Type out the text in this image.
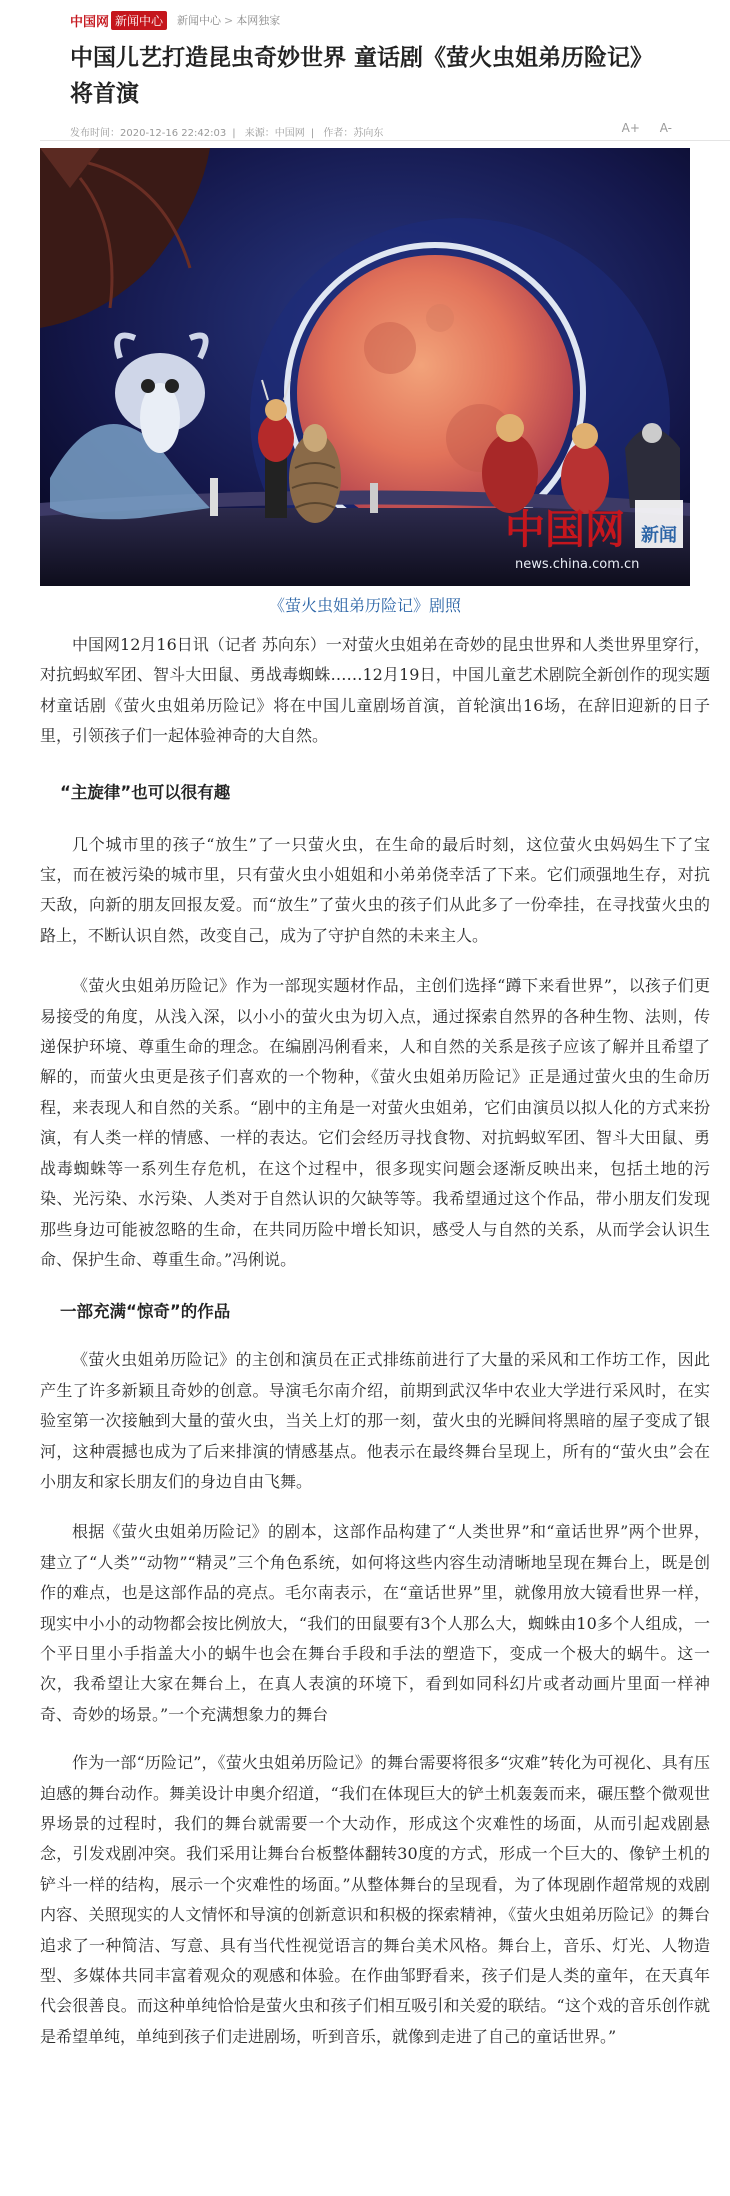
中国网 新闻中心	新闻中心 > 本网独家
中国儿艺打造昆虫奇妙世界 童话剧《萤火虫姐弟历险记》将首演
发布时间：2020-12-16 22:42:03 | 来源：中国网 | 作者：苏向东	A+ A-
中国网 新闻
news.china.com.cn
《萤火虫姐弟历险记》剧照

中国网12月16日讯（记者 苏向东）一对萤火虫姐弟在奇妙的昆虫世界和人类世界里穿行，对抗蚂蚁军团、智斗大田鼠、勇战毒蜘蛛……12月19日，中国儿童艺术剧院全新创作的现实题材童话剧《萤火虫姐弟历险记》将在中国儿童剧场首演，首轮演出16场，在辞旧迎新的日子里，引领孩子们一起体验神奇的大自然。

“主旋律”也可以很有趣

几个城市里的孩子“放生”了一只萤火虫，在生命的最后时刻，这位萤火虫妈妈生下了宝宝，而在被污染的城市里，只有萤火虫小姐姐和小弟弟侥幸活了下来。它们顽强地生存，对抗天敌，向新的朋友回报友爱。而“放生”了萤火虫的孩子们从此多了一份牵挂，在寻找萤火虫的路上，不断认识自然，改变自己，成为了守护自然的未来主人。

《萤火虫姐弟历险记》作为一部现实题材作品，主创们选择“蹲下来看世界”，以孩子们更易接受的角度，从浅入深，以小小的萤火虫为切入点，通过探索自然界的各种生物、法则，传递保护环境、尊重生命的理念。在编剧冯俐看来，人和自然的关系是孩子应该了解并且希望了解的，而萤火虫更是孩子们喜欢的一个物种，《萤火虫姐弟历险记》正是通过萤火虫的生命历程，来表现人和自然的关系。“剧中的主角是一对萤火虫姐弟，它们由演员以拟人化的方式来扮演，有人类一样的情感、一样的表达。它们会经历寻找食物、对抗蚂蚁军团、智斗大田鼠、勇战毒蜘蛛等一系列生存危机，在这个过程中，很多现实问题会逐渐反映出来，包括土地的污染、光污染、水污染、人类对于自然认识的欠缺等等。我希望通过这个作品，带小朋友们发现那些身边可能被忽略的生命，在共同历险中增长知识，感受人与自然的关系，从而学会认识生命、保护生命、尊重生命。”冯俐说。

一部充满“惊奇”的作品

《萤火虫姐弟历险记》的主创和演员在正式排练前进行了大量的采风和工作坊工作，因此产生了许多新颖且奇妙的创意。导演毛尔南介绍，前期到武汉华中农业大学进行采风时，在实验室第一次接触到大量的萤火虫，当关上灯的那一刻，萤火虫的光瞬间将黑暗的屋子变成了银河，这种震撼也成为了后来排演的情感基点。他表示在最终舞台呈现上，所有的“萤火虫”会在小朋友和家长朋友们的身边自由飞舞。

根据《萤火虫姐弟历险记》的剧本，这部作品构建了“人类世界”和“童话世界”两个世界，建立了“人类”“动物”“精灵”三个角色系统，如何将这些内容生动清晰地呈现在舞台上，既是创作的难点，也是这部作品的亮点。毛尔南表示，在“童话世界”里，就像用放大镜看世界一样，现实中小小的动物都会按比例放大，“我们的田鼠要有3个人那么大，蜘蛛由10多个人组成，一个平日里小手指盖大小的蜗牛也会在舞台手段和手法的塑造下，变成一个极大的蜗牛。这一次，我希望让大家在舞台上，在真人表演的环境下，看到如同科幻片或者动画片里面一样神奇、奇妙的场景。”一个充满想象力的舞台

作为一部“历险记”，《萤火虫姐弟历险记》的舞台需要将很多“灾难”转化为可视化、具有压迫感的舞台动作。舞美设计申奥介绍道，“我们在体现巨大的铲土机轰轰而来，碾压整个微观世界场景的过程时，我们的舞台就需要一个大动作，形成这个灾难性的场面，从而引起戏剧悬念，引发戏剧冲突。我们采用让舞台台板整体翻转30度的方式，形成一个巨大的、像铲土机的铲斗一样的结构，展示一个灾难性的场面。”从整体舞台的呈现看，为了体现剧作超常规的戏剧内容、关照现实的人文情怀和导演的创新意识和积极的探索精神，《萤火虫姐弟历险记》的舞台追求了一种简洁、写意、具有当代性视觉语言的舞台美术风格。舞台上，音乐、灯光、人物造型、多媒体共同丰富着观众的观感和体验。在作曲邹野看来，孩子们是人类的童年，在天真年代会很善良。而这种单纯恰恰是萤火虫和孩子们相互吸引和关爱的联结。“这个戏的音乐创作就是希望单纯，单纯到孩子们走进剧场，听到音乐，就像到走进了自己的童话世界。”
